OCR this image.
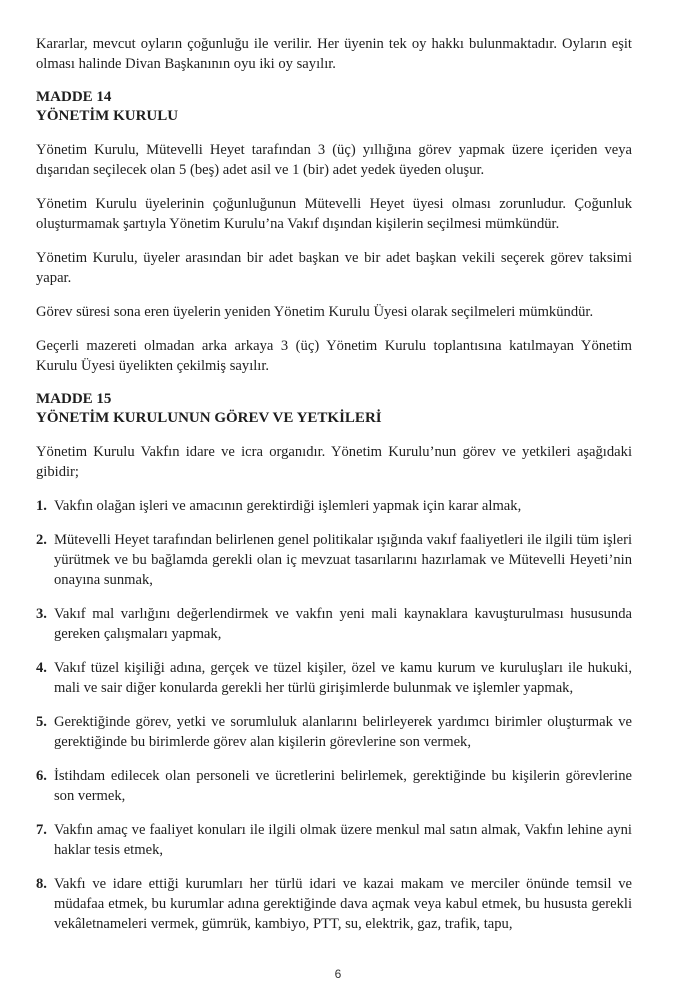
Kararlar, mevcut oyların çoğunluğu ile verilir. Her üyenin tek oy hakkı bulunmaktadır. Oyların eşit olması halinde Divan Başkanının oyu iki oy sayılır.

MADDE 14
YÖNETİM KURULU

Yönetim Kurulu, Mütevelli Heyet tarafından 3 (üç) yıllığına görev yapmak üzere içeriden veya dışarıdan seçilecek olan 5 (beş) adet asil ve 1 (bir) adet yedek üyeden oluşur.

Yönetim Kurulu üyelerinin çoğunluğunun Mütevelli Heyet üyesi olması zorunludur. Çoğunluk oluşturmamak şartıyla Yönetim Kurulu’na Vakıf dışından kişilerin seçilmesi mümkündür.

Yönetim Kurulu, üyeler arasından bir adet başkan ve bir adet başkan vekili seçerek görev taksimi yapar.

Görev süresi sona eren üyelerin yeniden Yönetim Kurulu Üyesi olarak seçilmeleri mümkündür.

Geçerli mazereti olmadan arka arkaya 3 (üç) Yönetim Kurulu toplantısına katılmayan Yönetim Kurulu Üyesi üyelikten çekilmiş sayılır.

MADDE 15
YÖNETİM KURULUNUN GÖREV VE YETKİLERİ

Yönetim Kurulu Vakfın idare ve icra organıdır. Yönetim Kurulu’nun görev ve yetkileri aşağıdaki gibidir;

1. Vakfın olağan işleri ve amacının gerektirdiği işlemleri yapmak için karar almak,
2. Mütevelli Heyet tarafından belirlenen genel politikalar ışığında vakıf faaliyetleri ile ilgili tüm işleri yürütmek ve bu bağlamda gerekli olan iç mevzuat tasarılarını hazırlamak ve Mütevelli Heyeti’nin onayına sunmak,
3. Vakıf mal varlığını değerlendirmek ve vakfın yeni mali kaynaklara kavuşturulması hususunda gereken çalışmaları yapmak,
4. Vakıf tüzel kişiliği adına, gerçek ve tüzel kişiler, özel ve kamu kurum ve kuruluşları ile hukuki, mali ve sair diğer konularda gerekli her türlü girişimlerde bulunmak ve işlemler yapmak,
5. Gerektiğinde görev, yetki ve sorumluluk alanlarını belirleyerek yardımcı birimler oluşturmak ve gerektiğinde bu birimlerde görev alan kişilerin görevlerine son vermek,
6. İstihdam edilecek olan personeli ve ücretlerini belirlemek, gerektiğinde bu kişilerin görevlerine son vermek,
7. Vakfın amaç ve faaliyet konuları ile ilgili olmak üzere menkul mal satın almak, Vakfın lehine ayni haklar tesis etmek,
8. Vakfı ve idare ettiği kurumları her türlü idari ve kazai makam ve merciler önünde temsil ve müdafaa etmek, bu kurumlar adına gerektiğinde dava açmak veya kabul etmek, bu hususta gerekli vekâletnameleri vermek, gümrük, kambiyo, PTT, su, elektrik, gaz, trafik, tapu,
6
